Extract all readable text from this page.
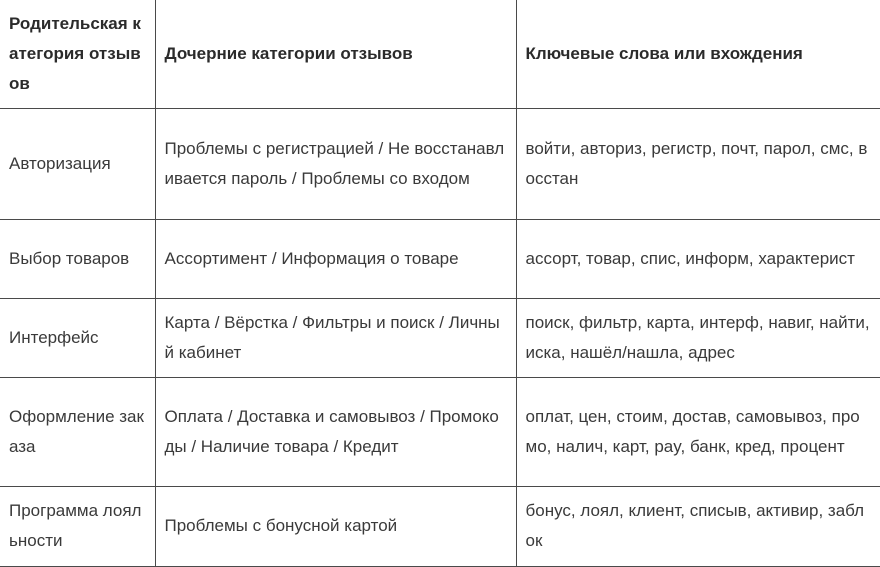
Родительская категория отзывов	Дочерние категории отзывов	Ключевые слова или вхождения
Авторизация	Проблемы с регистрацией / Не восстанавливается пароль / Проблемы со входом	войти, авториз, регистр, почт, парол, смс, восстан
Выбор товаров	Ассортимент / Информация о товаре	ассорт, товар, спис, информ, характерист
Интерфейс	Карта / Вёрстка / Фильтры и поиск / Личный кабинет	поиск, фильтр, карта, интерф, навиг, найти, иска, нашёл/нашла, адрес
Оформление заказа	Оплата / Доставка и самовывоз / Промокоды / Наличие товара / Кредит	оплат, цен, стоим, достав, самовывоз, промо, налич, карт, pay, банк, кред, процент
Программа лояльности	Проблемы с бонусной картой	бонус, лоял, клиент, списыв, активир, заблок
